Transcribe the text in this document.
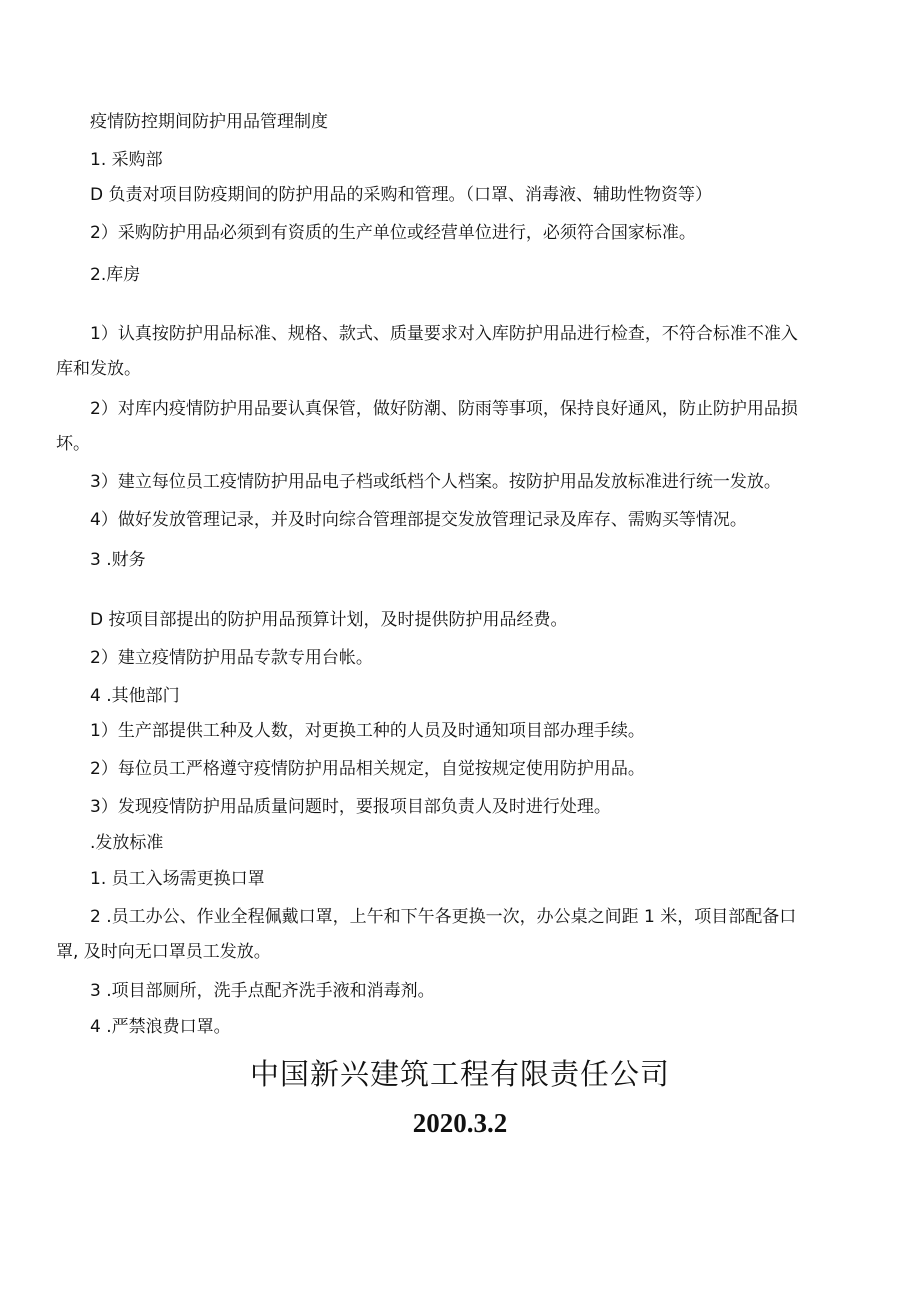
疫情防控期间防护用品管理制度
1. 采购部
D 负责对项目防疫期间的防护用品的采购和管理。（口罩、消毒液、辅助性物资等）
2）采购防护用品必须到有资质的生产单位或经营单位进行，必须符合国家标准。
2.库房
1）认真按防护用品标准、规格、款式、质量要求对入库防护用品进行检查，不符合标准不准入
库和发放。
2）对库内疫情防护用品要认真保管，做好防潮、防雨等事项，保持良好通风，防止防护用品损
坏。
3）建立每位员工疫情防护用品电子档或纸档个人档案。按防护用品发放标准进行统一发放。
4）做好发放管理记录，并及时向综合管理部提交发放管理记录及库存、需购买等情况。
3 .财务
D 按项目部提出的防护用品预算计划，及时提供防护用品经费。
2）建立疫情防护用品专款专用台帐。
4 .其他部门
1）生产部提供工种及人数，对更换工种的人员及时通知项目部办理手续。
2）每位员工严格遵守疫情防护用品相关规定，自觉按规定使用防护用品。
3）发现疫情防护用品质量问题时，要报项目部负责人及时进行处理。
.发放标准
1. 员工入场需更换口罩
2 .员工办公、作业全程佩戴口罩，上午和下午各更换一次，办公桌之间距 1 米，项目部配备口
罩, 及时向无口罩员工发放。
3 .项目部厕所，洗手点配齐洗手液和消毒剂。
4 .严禁浪费口罩。
中国新兴建筑工程有限责任公司
2020.3.2
